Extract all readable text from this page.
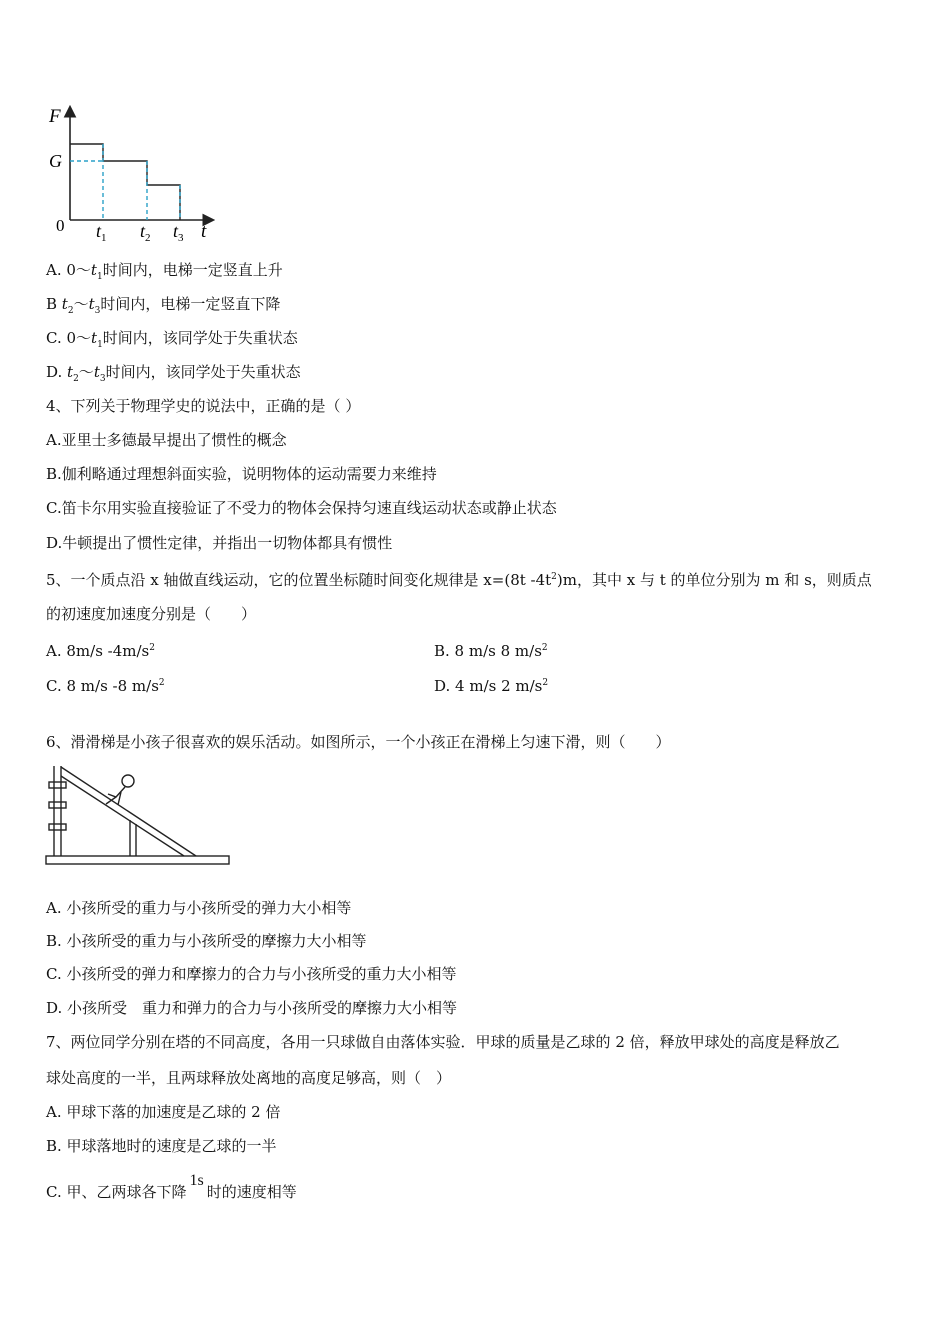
F
G
0	t
$t_1$ $t_2$ $t_3$
A. $0\sim t_1$时间内，电梯一定竖直上升
B $t_2\sim t_3$时间内，电梯一定竖直下降
C. $0\sim t_1$时间内，该同学处于失重状态
D. $t_2\sim t_3$时间内，该同学处于失重状态
4、下列关于物理学史的说法中，正确的是（ ）
A.亚里士多德最早提出了惯性的概念
B.伽利略通过理想斜面实验，说明物体的运动需要力来维持
C.笛卡尔用实验直接验证了不受力的物体会保持匀速直线运动状态或静止状态
D.牛顿提出了惯性定律，并指出一切物体都具有惯性
5、一个质点沿 x 轴做直线运动，它的位置坐标随时间变化规律是 x=(8t $-4t^2)m$，其中 x 与 t 的单位分别为 m 和 s，则质点
的初速度加速度分别是（　　）
A. 8m/s $-4m/s^2$	B. 8 m/s 8 $m/s^2$
C. 8 m/s -8 $m/s^2$	D. 4 m/s 2 $m/s^2$
6、滑滑梯是小孩子很喜欢的娱乐活动。如图所示，一个小孩正在滑梯上匀速下滑，则（　　）
A. 小孩所受的重力与小孩所受的弹力大小相等
B. 小孩所受的重力与小孩所受的摩擦力大小相等
C. 小孩所受的弹力和摩擦力的合力与小孩所受的重力大小相等
D. 小孩所受　重力和弹力的合力与小孩所受的摩擦力大小相等
7、两位同学分别在塔的不同高度，各用一只球做自由落体实验．甲球的质量是乙球的 2 倍，释放甲球处的高度是释放乙
球处高度的一半，且两球释放处离地的高度足够高，则（　）
A. 甲球下落的加速度是乙球的 2 倍
B. 甲球落地时的速度是乙球的一半
C. 甲、乙两球各下降1s时的速度相等
